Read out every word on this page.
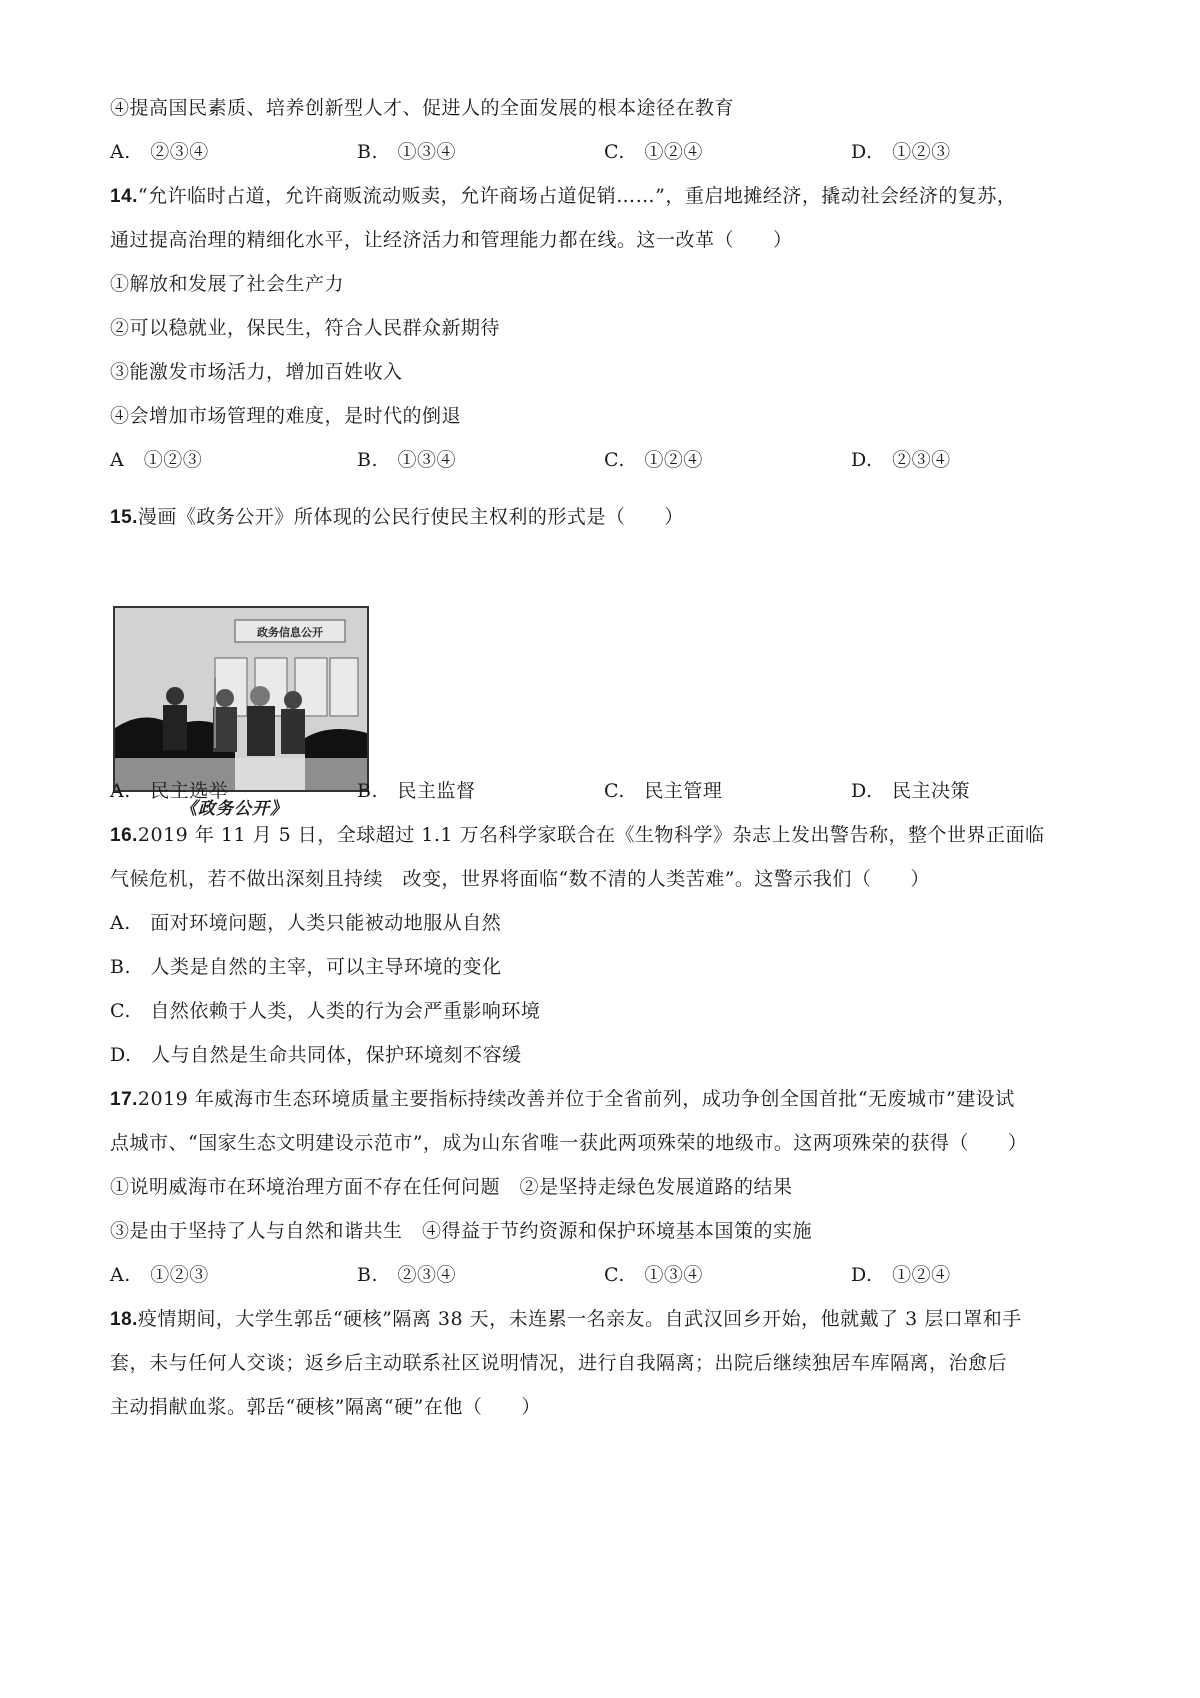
④提高国民素质、培养创新型人才、促进人的全面发展的根本途径在教育
A.　②③④	B.　①③④	C.　①②④	D.　①②③
14.“允许临时占道，允许商贩流动贩卖，允许商场占道促销……”，重启地摊经济，撬动社会经济的复苏，
通过提高治理的精细化水平，让经济活力和管理能力都在线。这一改革（　　）
①解放和发展了社会生产力
②可以稳就业，保民生，符合人民群众新期待
③能激发市场活力，增加百姓收入
④会增加市场管理的难度，是时代的倒退
A　①②③	B.　①③④	C.　①②④	D.　②③④
15.漫画《政务公开》所体现的公民行使民主权利的形式是（　　）
政务信息公开
《政务公开》
A.　民主选举	B.　民主监督	C.　民主管理	D.　民主决策
16.2019 年 11 月 5 日，全球超过 1.1 万名科学家联合在《生物科学》杂志上发出警告称，整个世界正面临
气候危机，若不做出深刻且持续　改变，世界将面临“数不清的人类苦难”。这警示我们（　　）
A.　面对环境问题，人类只能被动地服从自然
B.　人类是自然的主宰，可以主导环境的变化
C.　自然依赖于人类，人类的行为会严重影响环境
D.　人与自然是生命共同体，保护环境刻不容缓
17.2019 年威海市生态环境质量主要指标持续改善并位于全省前列，成功争创全国首批“无废城市”建设试
点城市、“国家生态文明建设示范市”，成为山东省唯一获此两项殊荣的地级市。这两项殊荣的获得（　　）
①说明威海市在环境治理方面不存在任何问题　②是坚持走绿色发展道路的结果
③是由于坚持了人与自然和谐共生　④得益于节约资源和保护环境基本国策的实施
A.　①②③	B.　②③④	C.　①③④	D.　①②④
18.疫情期间，大学生郭岳“硬核”隔离 38 天，未连累一名亲友。自武汉回乡开始，他就戴了 3 层口罩和手
套，未与任何人交谈；返乡后主动联系社区说明情况，进行自我隔离；出院后继续独居车库隔离，治愈后
主动捐献血浆。郭岳“硬核”隔离“硬”在他（　　）
